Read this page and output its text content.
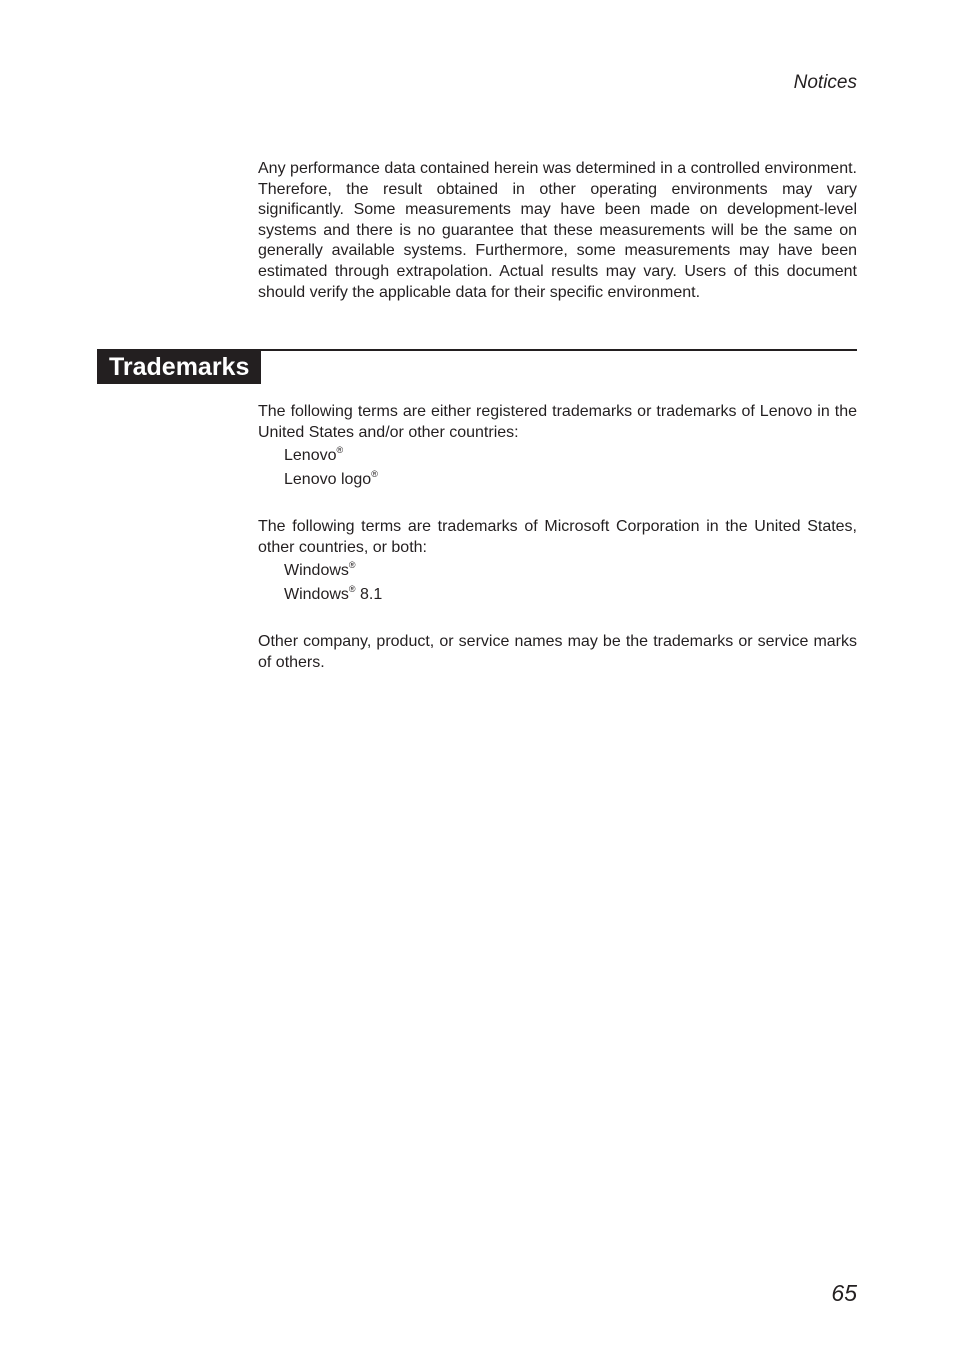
Notices

Any performance data contained herein was determined in a controlled environment. Therefore, the result obtained in other operating environments may vary significantly. Some measurements may have been made on development-level systems and there is no guarantee that these measurements will be the same on generally available systems. Furthermore, some measurements may have been estimated through extrapolation. Actual results may vary. Users of this document should verify the applicable data for their specific environment.

Trademarks

The following terms are either registered trademarks or trademarks of Lenovo in the United States and/or other countries:

Lenovo®
Lenovo logo®

The following terms are trademarks of Microsoft Corporation in the United States, other countries, or both:

Windows®
Windows® 8.1

Other company, product, or service names may be the trademarks or service marks of others.

65
